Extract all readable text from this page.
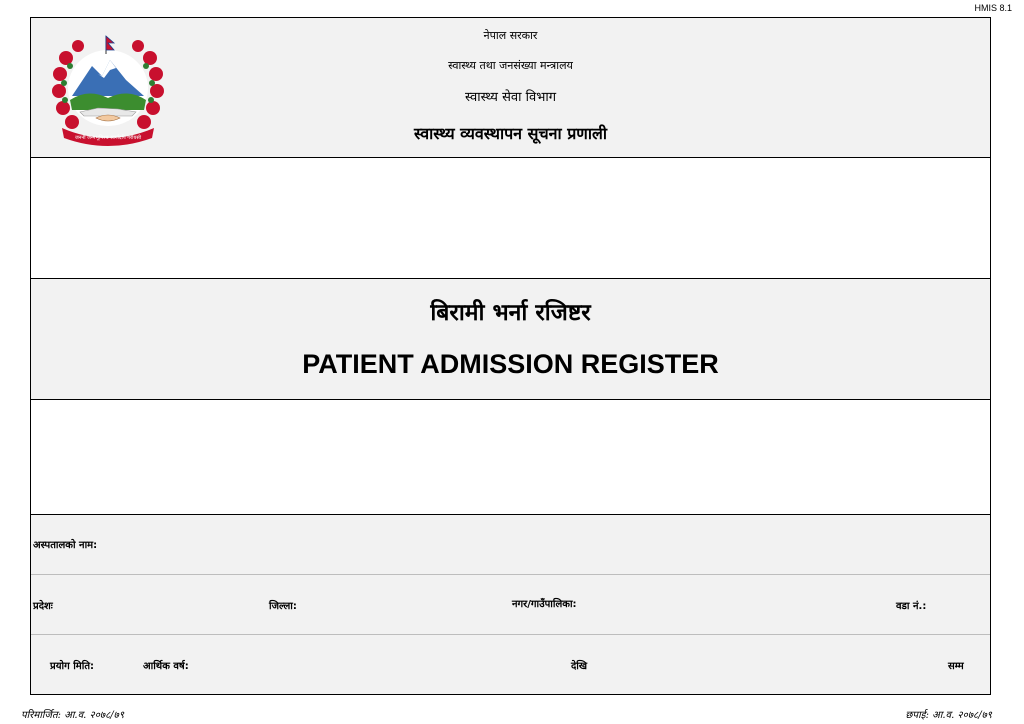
HMIS 8.1
जननी जन्मभूमिश्च स्वर्गादपि गरीयसी
नेपाल सरकार
स्वास्थ्य तथा जनसंख्या मन्त्रालय
स्वास्थ्य सेवा विभाग
स्वास्थ्य व्यवस्थापन सूचना प्रणाली
बिरामी भर्ना रजिष्टर
PATIENT ADMISSION REGISTER
अस्पतालको नाम:
प्रदेशः	जिल्ला:	नगर/गाउँपालिका:	वडा नं.:
प्रयोग मिति:	आर्थिक वर्ष:	देखि	सम्म
परिमार्जित: आ.व. २०७८/७९	छपाई: आ.व. २०७८/७९
